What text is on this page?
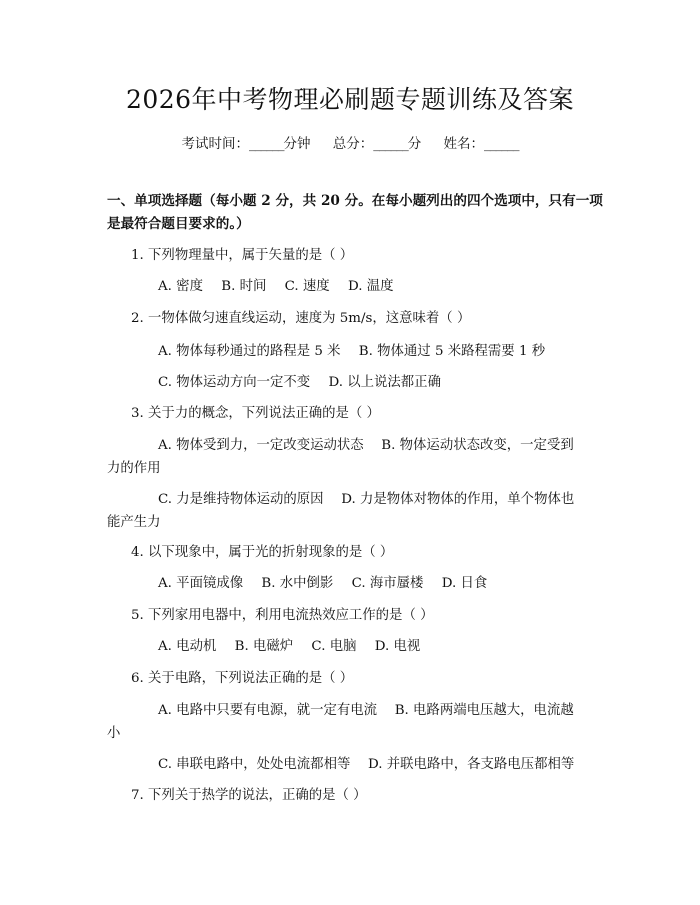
2026年中考物理必刷题专题训练及答案
考试时间：______分钟 总分：______分 姓名：______
一、单项选择题（每小题 2 分，共 20 分。在每小题列出的四个选项中，只有一项
是最符合题目要求的。）
1. 下列物理量中，属于矢量的是（ ）
A. 密度 B. 时间 C. 速度 D. 温度
2. 一物体做匀速直线运动，速度为 5m/s，这意味着（ ）
A. 物体每秒通过的路程是 5 米 B. 物体通过 5 米路程需要 1 秒
C. 物体运动方向一定不变 D. 以上说法都正确
3. 关于力的概念，下列说法正确的是（ ）
A. 物体受到力，一定改变运动状态　 B. 物体运动状态改变，一定受到
力的作用
C. 力是维持物体运动的原因　 D. 力是物体对物体的作用，单个物体也
能产生力
4. 以下现象中，属于光的折射现象的是（ ）
A. 平面镜成像 B. 水中倒影 C. 海市蜃楼 D. 日食
5. 下列家用电器中，利用电流热效应工作的是（ ）
A. 电动机 B. 电磁炉 C. 电脑 D. 电视
6. 关于电路，下列说法正确的是（ ）
A. 电路中只要有电源，就一定有电流　 B. 电路两端电压越大，电流越
小
C. 串联电路中，处处电流都相等　 D. 并联电路中，各支路电压都相等
7. 下列关于热学的说法，正确的是（ ）
